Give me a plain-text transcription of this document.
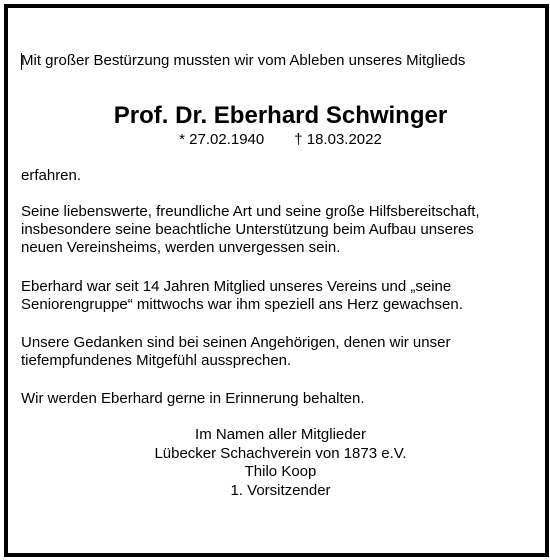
Mit großer Bestürzung mussten wir vom Ableben unseres Mitglieds
Prof. Dr. Eberhard Schwinger
* 27.02.1940 † 18.03.2022
erfahren.
Seine liebenswerte, freundliche Art und seine große Hilfsbereitschaft,
insbesondere seine beachtliche Unterstützung beim Aufbau unseres
neuen Vereinsheims, werden unvergessen sein.
Eberhard war seit 14 Jahren Mitglied unseres Vereins und „seine
Seniorengruppe“ mittwochs war ihm speziell ans Herz gewachsen.
Unsere Gedanken sind bei seinen Angehörigen, denen wir unser
tiefempfundenes Mitgefühl aussprechen.
Wir werden Eberhard gerne in Erinnerung behalten.
Im Namen aller Mitglieder
Lübecker Schachverein von 1873 e.V.
Thilo Koop
1. Vorsitzender
